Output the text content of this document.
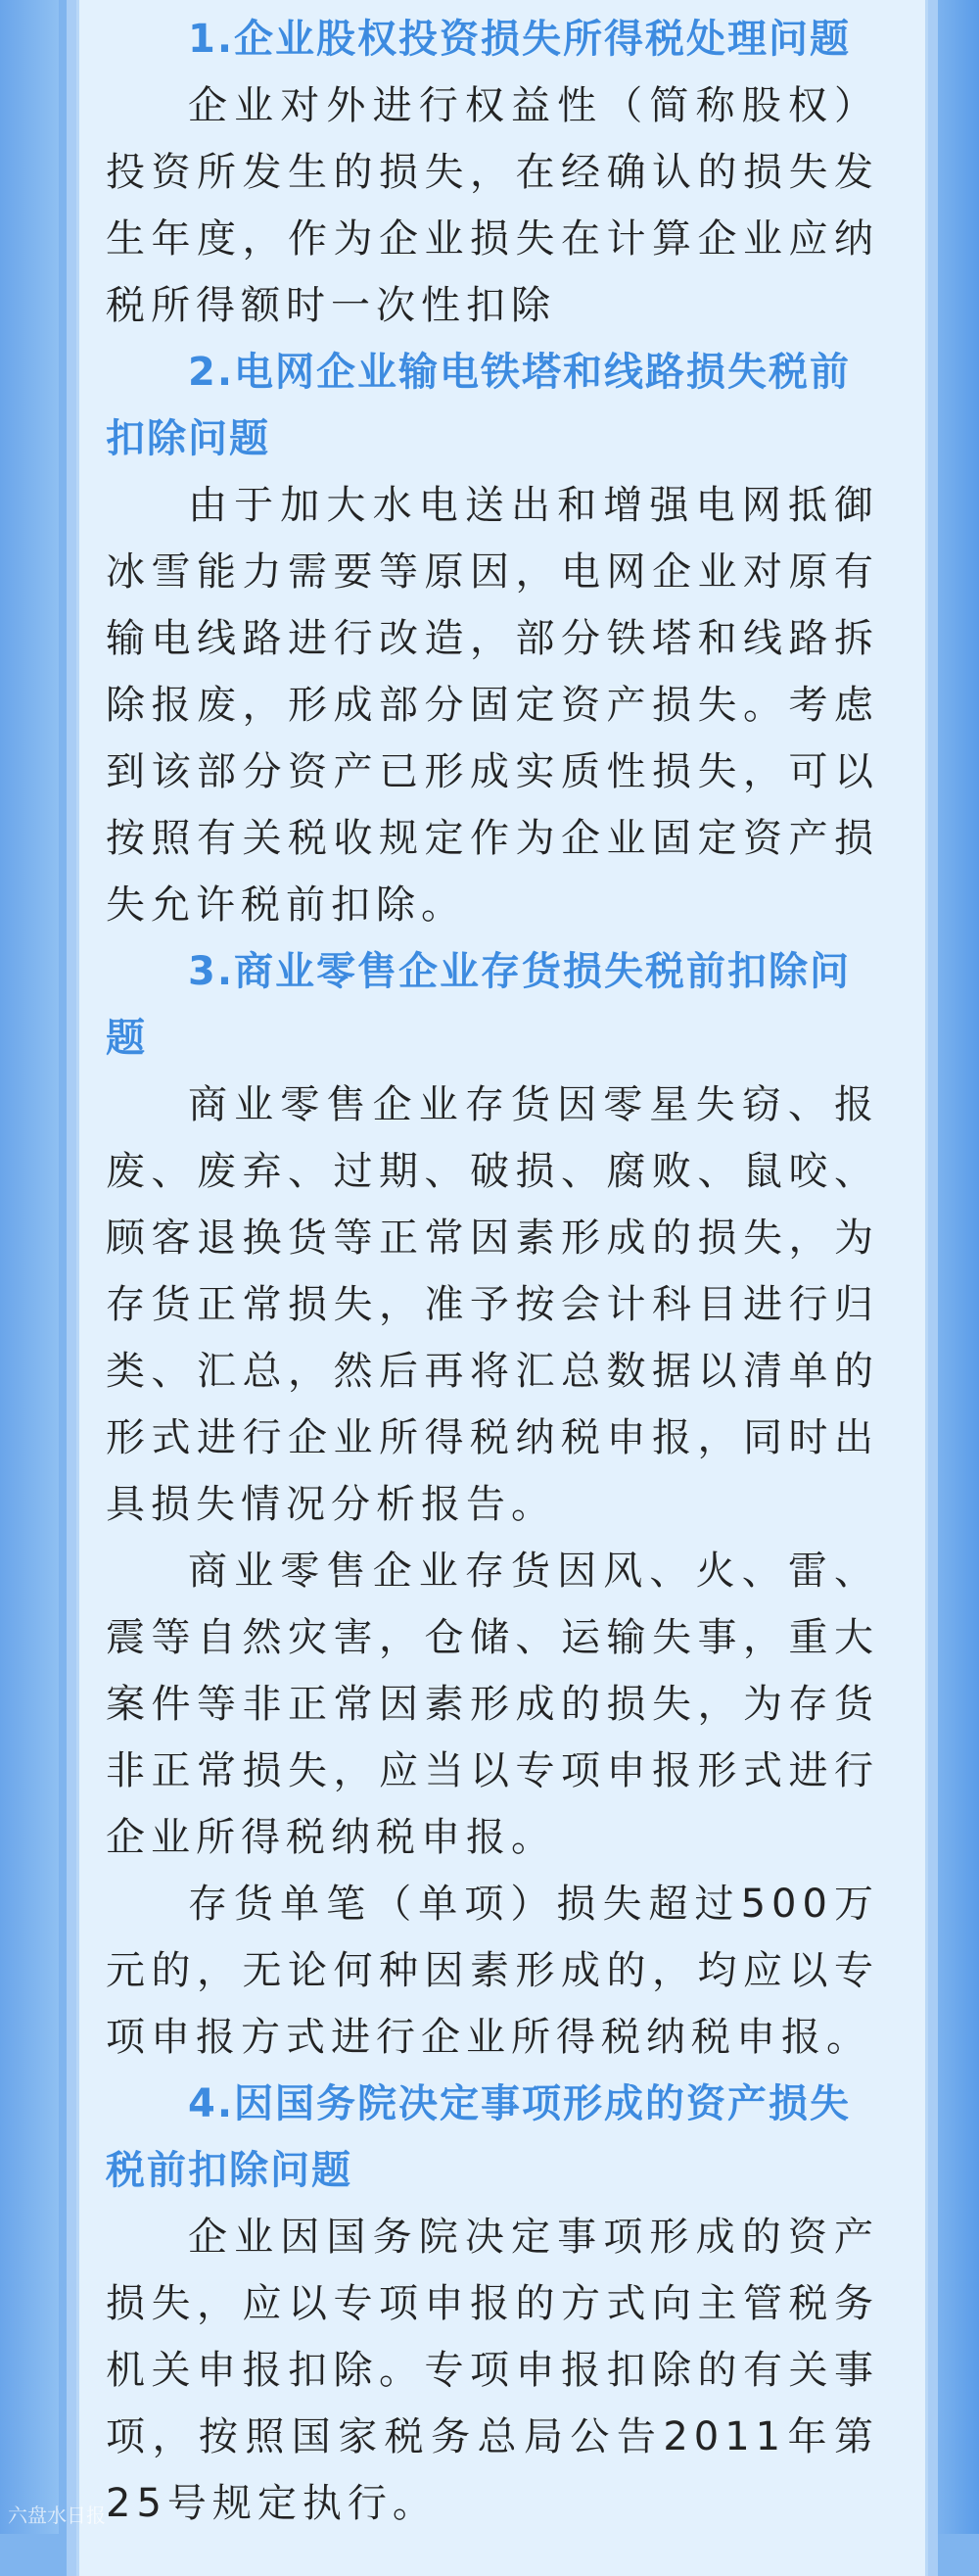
1.企业股权投资损失所得税处理问题

企业对外进行权益性（简称股权）投资所发生的损失，在经确认的损失发生年度，作为企业损失在计算企业应纳税所得额时一次性扣除

2.电网企业输电铁塔和线路损失税前扣除问题

由于加大水电送出和增强电网抵御冰雪能力需要等原因，电网企业对原有输电线路进行改造，部分铁塔和线路拆除报废，形成部分固定资产损失。考虑到该部分资产已形成实质性损失，可以按照有关税收规定作为企业固定资产损失允许税前扣除。

3.商业零售企业存货损失税前扣除问题

商业零售企业存货因零星失窃、报废、废弃、过期、破损、腐败、鼠咬、顾客退换货等正常因素形成的损失，为存货正常损失，准予按会计科目进行归类、汇总，然后再将汇总数据以清单的形式进行企业所得税纳税申报，同时出具损失情况分析报告。

商业零售企业存货因风、火、雷、震等自然灾害，仓储、运输失事，重大案件等非正常因素形成的损失，为存货非正常损失，应当以专项申报形式进行企业所得税纳税申报。

存货单笔（单项）损失超过500万元的，无论何种因素形成的，均应以专项申报方式进行企业所得税纳税申报。

4.因国务院决定事项形成的资产损失税前扣除问题

企业因国务院决定事项形成的资产损失，应以专项申报的方式向主管税务机关申报扣除。专项申报扣除的有关事项，按照国家税务总局公告2011年第25号规定执行。

六盘水日报
